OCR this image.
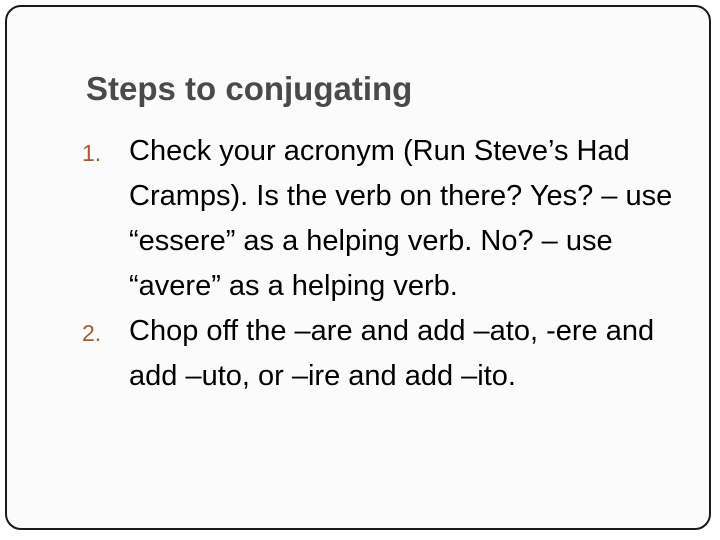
Steps to conjugating
1. Check your acronym (Run Steve’s Had Cramps). Is the verb on there? Yes? – use “essere” as a helping verb. No? – use “avere” as a helping verb.
2. Chop off the –are and add –ato, -ere and add –uto, or –ire and add –ito.
